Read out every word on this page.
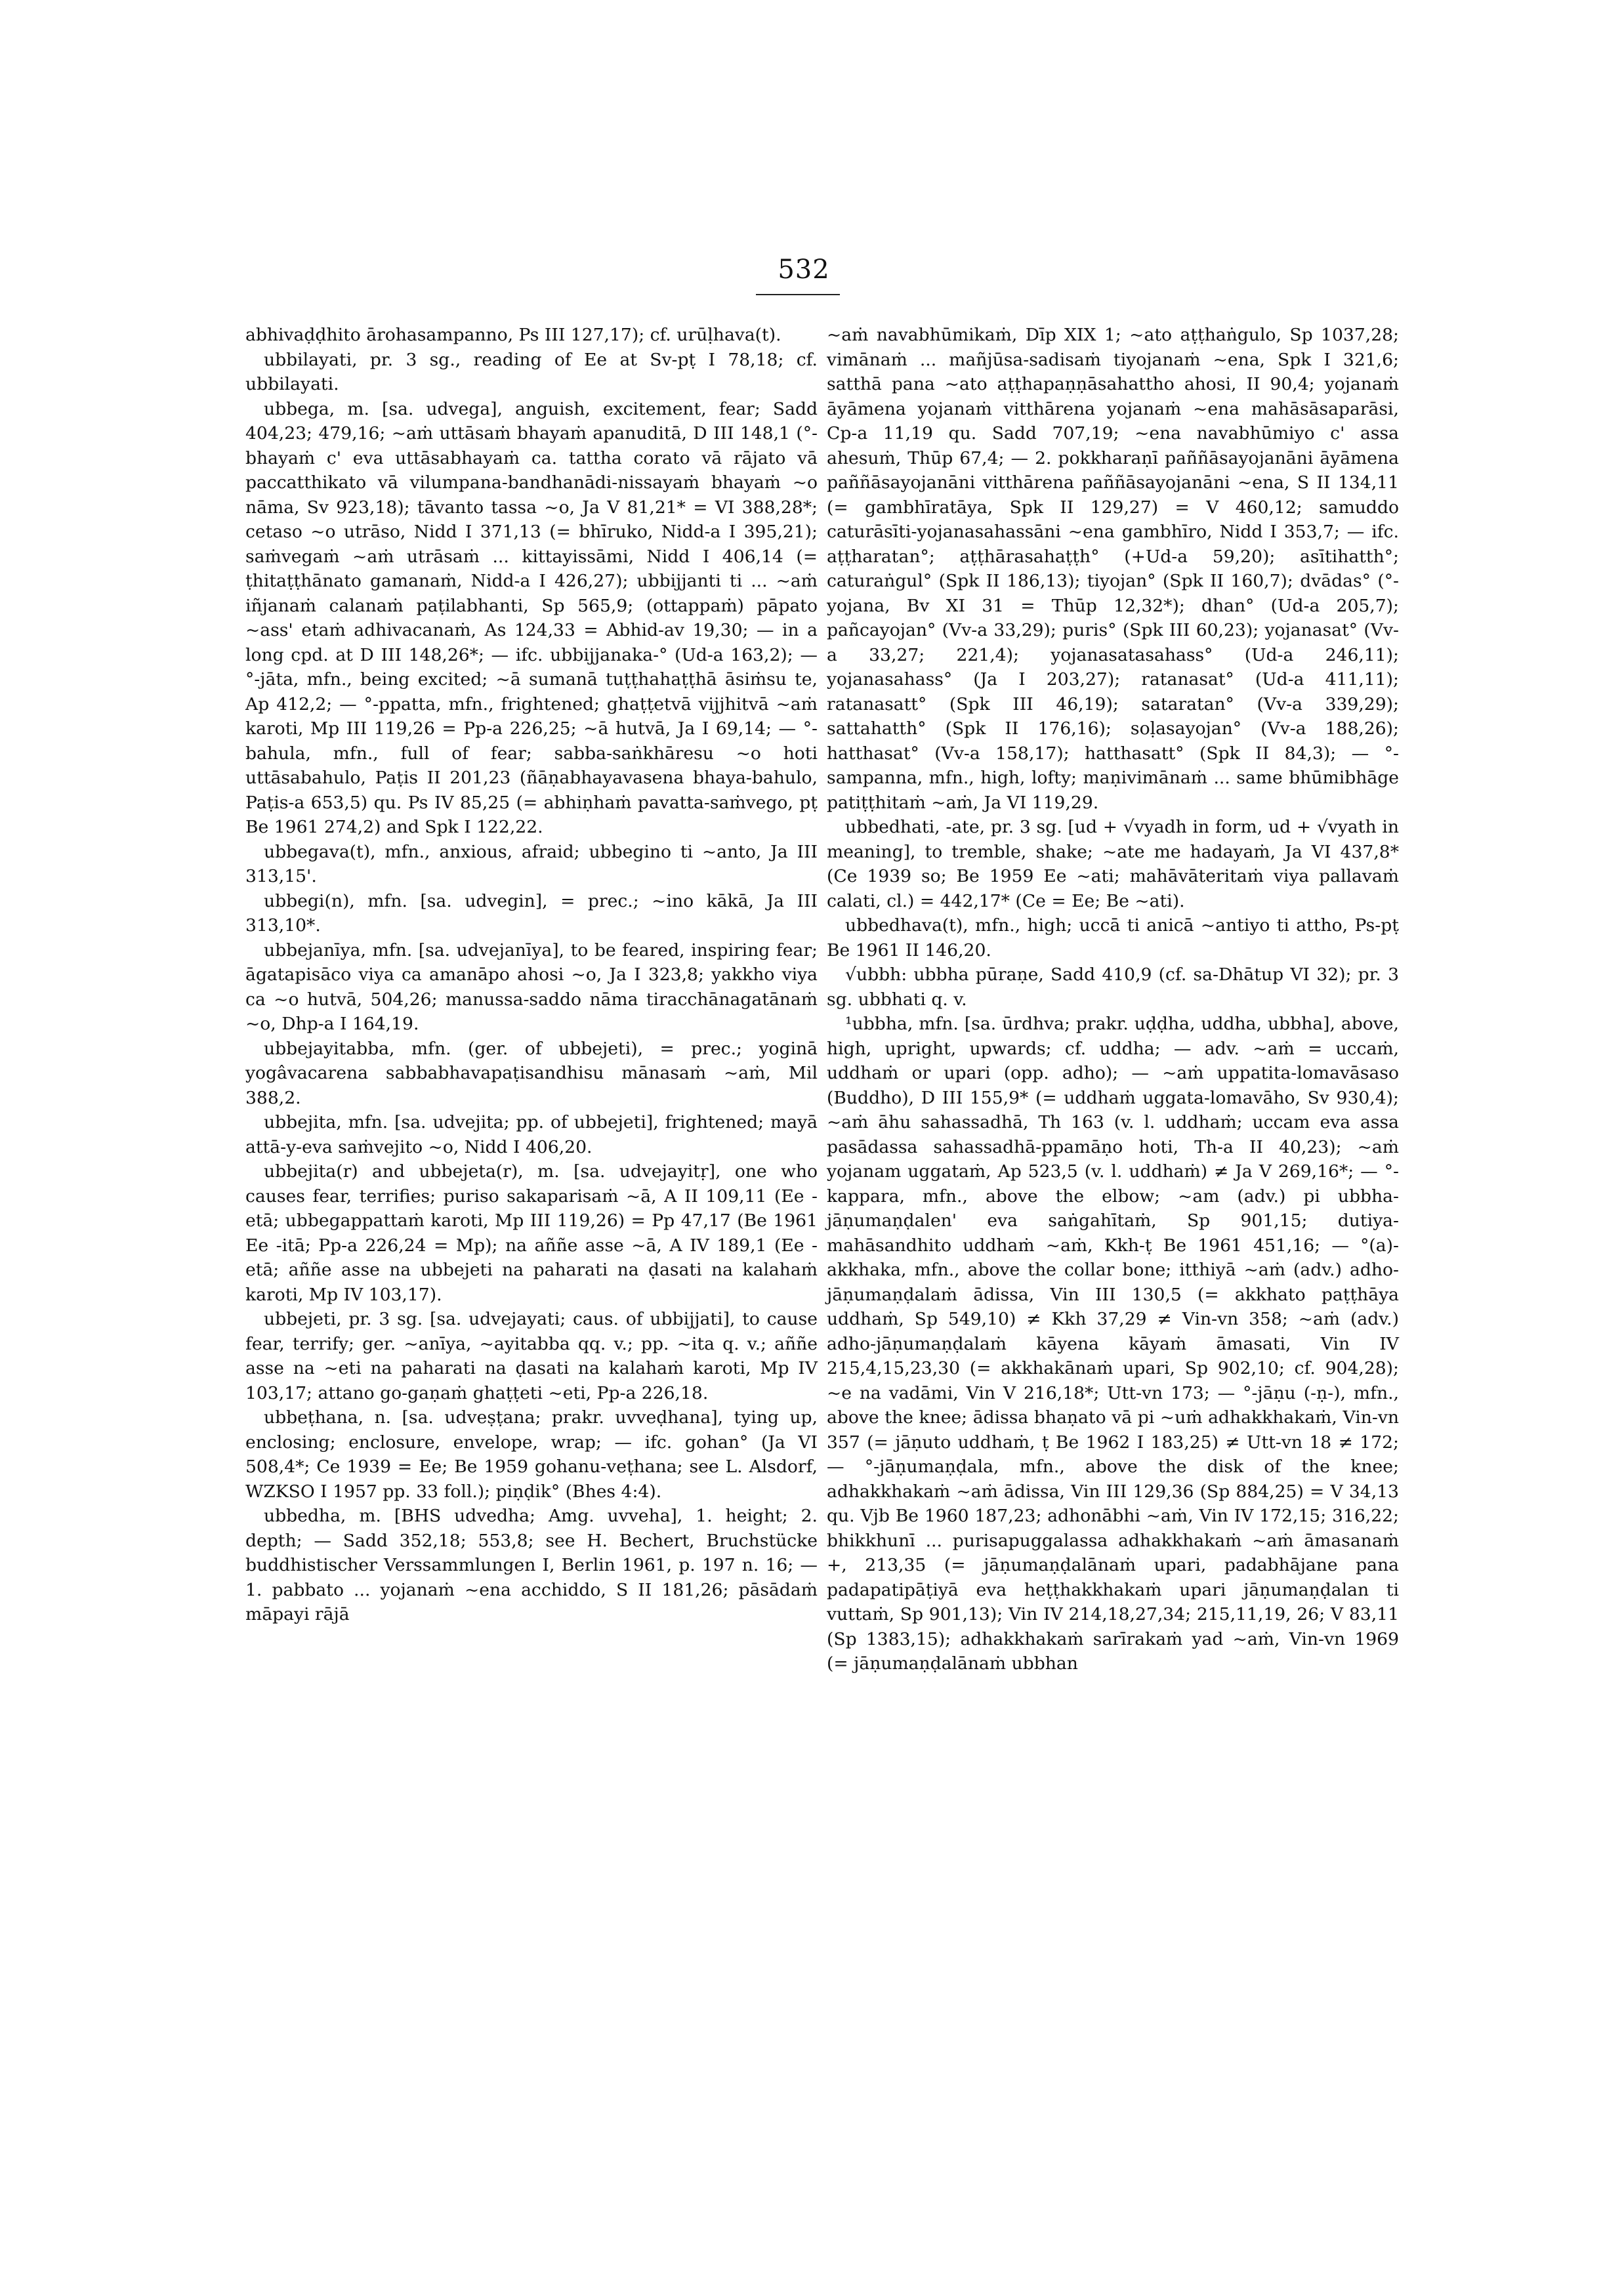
532

abhivaḍḍhito ārohasampanno, Ps III 127,17); cf. urūḷhava(t).

ubbilayati, pr. 3 sg., reading of Ee at Sv-pṭ I 78,18; cf. ubbilayati.

ubbega, m. [sa. udvega], anguish, excitement, fear; Sadd 404,23; 479,16; ~aṁ uttāsaṁ bhayaṁ apanuditā, D III 148,1 (°-bhayaṁ c' eva uttāsabhayaṁ ca. tattha corato vā rājato vā paccatthikato vā vilumpana-bandhanādi-nissayaṁ bhayaṁ ~o nāma, Sv 923,18); tāvanto tassa ~o, Ja V 81,21* = VI 388,28*; cetaso ~o utrāso, Nidd I 371,13 (= bhīruko, Nidd-a I 395,21); saṁvegaṁ ~aṁ utrāsaṁ ... kittayissāmi, Nidd I 406,14 (= ṭhitaṭṭhānato gamanaṁ, Nidd-a I 426,27); ubbijjanti ti ... ~aṁ iñjanaṁ calanaṁ paṭilabhanti, Sp 565,9; (ottappaṁ) pāpato ~ass' etaṁ adhivacanaṁ, As 124,33 = Abhid-av 19,30; — in a long cpd. at D III 148,26*; — ifc. ubbijjanaka-° (Ud-a 163,2); — °-jāta, mfn., being excited; ~ā sumanā tuṭṭhahaṭṭhā āsiṁsu te, Ap 412,2; — °-ppatta, mfn., frightened; ghaṭṭetvā vijjhitvā ~aṁ karoti, Mp III 119,26 = Pp-a 226,25; ~ā hutvā, Ja I 69,14; — °-bahula, mfn., full of fear; sabba-saṅkhāresu ~o hoti uttāsabahulo, Paṭis II 201,23 (ñāṇabhayavasena bhaya-bahulo, Paṭis-a 653,5) qu. Ps IV 85,25 (= abhiṇhaṁ pavatta-saṁvego, pṭ Be 1961 274,2) and Spk I 122,22.

ubbegava(t), mfn., anxious, afraid; ubbegino ti ~anto, Ja III 313,15'.

ubbegi(n), mfn. [sa. udvegin], = prec.; ~ino kākā, Ja III 313,10*.

ubbejanīya, mfn. [sa. udvejanīya], to be feared, inspiring fear; āgatapisāco viya ca amanāpo ahosi ~o, Ja I 323,8; yakkho viya ca ~o hutvā, 504,26; manussa-saddo nāma tiracchānagatānaṁ ~o, Dhp-a I 164,19.

ubbejayitabba, mfn. (ger. of ubbejeti), = prec.; yoginā yogâvacarena sabbabhavapaṭisandhisu mānasaṁ ~aṁ, Mil 388,2.

ubbejita, mfn. [sa. udvejita; pp. of ubbejeti], frightened; mayā attā-y-eva saṁvejito ~o, Nidd I 406,20.

ubbejita(r) and ubbejeta(r), m. [sa. udvejayitṛ], one who causes fear, terrifies; puriso sakaparisaṁ ~ā, A II 109,11 (Ee -etā; ubbegappattaṁ karoti, Mp III 119,26) = Pp 47,17 (Be 1961 Ee -itā; Pp-a 226,24 = Mp); na aññe asse ~ā, A IV 189,1 (Ee -etā; aññe asse na ubbejeti na paharati na ḍasati na kalahaṁ karoti, Mp IV 103,17).

ubbejeti, pr. 3 sg. [sa. udvejayati; caus. of ubbijjati], to cause fear, terrify; ger. ~anīya, ~ayitabba qq. v.; pp. ~ita q. v.; aññe asse na ~eti na paharati na ḍasati na kalahaṁ karoti, Mp IV 103,17; attano go-gaṇaṁ ghaṭṭeti ~eti, Pp-a 226,18.

ubbeṭhana, n. [sa. udveṣṭana; prakr. uvveḍhana], tying up, enclosing; enclosure, envelope, wrap; — ifc. gohan° (Ja VI 508,4*; Ce 1939 = Ee; Be 1959 gohanu-veṭhana; see L. Alsdorf, WZKSO I 1957 pp. 33 foll.); piṇḍik° (Bhes 4:4).

ubbedha, m. [BHS udvedha; Amg. uvveha], 1. height; 2. depth; — Sadd 352,18; 553,8; see H. Bechert, Bruchstücke buddhistischer Verssammlungen I, Berlin 1961, p. 197 n. 16; — 1. pabbato ... yojanaṁ ~ena acchiddo, S II 181,26; pāsādaṁ māpayi rājā

~aṁ navabhūmikaṁ, Dīp XIX 1; ~ato aṭṭhaṅgulo, Sp 1037,28; vimānaṁ ... mañjūsa-sadisaṁ tiyojanaṁ ~ena, Spk I 321,6; satthā pana ~ato aṭṭhapaṇṇāsahattho ahosi, II 90,4; yojanaṁ āyāmena yojanaṁ vitthārena yojanaṁ ~ena mahāsāsaparāsi, Cp-a 11,19 qu. Sadd 707,19; ~ena navabhūmiyo c' assa ahesuṁ, Thūp 67,4; — 2. pokkharaṇī paññāsayojanāni āyāmena paññāsayojanāni vitthārena paññāsayojanāni ~ena, S II 134,11 (= gambhīratāya, Spk II 129,27) = V 460,12; samuddo caturāsīti-yojanasahassāni ~ena gambhīro, Nidd I 353,7; — ifc. aṭṭharatan°; aṭṭhārasahaṭṭh° (+Ud-a 59,20); asītihatth°; caturaṅgul° (Spk II 186,13); tiyojan° (Spk II 160,7); dvādas° (°-yojana, Bv XI 31 = Thūp 12,32*); dhan° (Ud-a 205,7); pañcayojan° (Vv-a 33,29); puris° (Spk III 60,23); yojanasat° (Vv-a 33,27; 221,4); yojanasatasahass° (Ud-a 246,11); yojanasahass° (Ja I 203,27); ratanasat° (Ud-a 411,11); ratanasatt° (Spk III 46,19); sataratan° (Vv-a 339,29); sattahatth° (Spk II 176,16); soḷasayojan° (Vv-a 188,26); hatthasat° (Vv-a 158,17); hatthasatt° (Spk II 84,3); — °-sampanna, mfn., high, lofty; maṇivimānaṁ ... same bhūmibhāge patiṭṭhitaṁ ~aṁ, Ja VI 119,29.

ubbedhati, -ate, pr. 3 sg. [ud + √vyadh in form, ud + √vyath in meaning], to tremble, shake; ~ate me hadayaṁ, Ja VI 437,8* (Ce 1939 so; Be 1959 Ee ~ati; mahāvāteritaṁ viya pallavaṁ calati, cl.) = 442,17* (Ce = Ee; Be ~ati).

ubbedhava(t), mfn., high; uccā ti anicā ~antiyo ti attho, Ps-pṭ Be 1961 II 146,20.

√ubbh: ubbha pūraṇe, Sadd 410,9 (cf. sa-Dhātup VI 32); pr. 3 sg. ubbhati q. v.

¹ubbha, mfn. [sa. ūrdhva; prakr. uḍḍha, uddha, ubbha], above, high, upright, upwards; cf. uddha; — adv. ~aṁ = uccaṁ, uddhaṁ or upari (opp. adho); — ~aṁ uppatita-lomavāsaso (Buddho), D III 155,9* (= uddhaṁ uggata-lomavāho, Sv 930,4); ~aṁ āhu sahassadhā, Th 163 (v. l. uddhaṁ; uccam eva assa pasādassa sahassadhā-ppamāṇo hoti, Th-a II 40,23); ~aṁ yojanam uggataṁ, Ap 523,5 (v. l. uddhaṁ) ≠ Ja V 269,16*; — °-kappara, mfn., above the elbow; ~am (adv.) pi ubbha-jāṇumaṇḍalen' eva saṅgahītaṁ, Sp 901,15; dutiya-mahāsandhito uddhaṁ ~aṁ, Kkh-ṭ Be 1961 451,16; — °(a)-akkhaka, mfn., above the collar bone; itthiyā ~aṁ (adv.) adho-jāṇumaṇḍalaṁ ādissa, Vin III 130,5 (= akkhato paṭṭhāya uddhaṁ, Sp 549,10) ≠ Kkh 37,29 ≠ Vin-vn 358; ~aṁ (adv.) adho-jāṇumaṇḍalaṁ kāyena kāyaṁ āmasati, Vin IV 215,4,15,23,30 (= akkhakānaṁ upari, Sp 902,10; cf. 904,28); ~e na vadāmi, Vin V 216,18*; Utt-vn 173; — °-jāṇu (-ṇ-), mfn., above the knee; ādissa bhaṇato vā pi ~uṁ adhakkhakaṁ, Vin-vn 357 (= jāṇuto uddhaṁ, ṭ Be 1962 I 183,25) ≠ Utt-vn 18 ≠ 172; — °-jāṇumaṇḍala, mfn., above the disk of the knee; adhakkhakaṁ ~aṁ ādissa, Vin III 129,36 (Sp 884,25) = V 34,13 qu. Vjb Be 1960 187,23; adhonābhi ~aṁ, Vin IV 172,15; 316,22; bhikkhunī ... purisapuggalassa adhakkhakaṁ ~aṁ āmasanaṁ +, 213,35 (= jāṇumaṇḍalānaṁ upari, padabhājane pana padapatipāṭiyā eva heṭṭhakkhakaṁ upari jāṇumaṇḍalan ti vuttaṁ, Sp 901,13); Vin IV 214,18,27,34; 215,11,19, 26; V 83,11 (Sp 1383,15); adhakkhakaṁ sarīrakaṁ yad ~aṁ, Vin-vn 1969 (= jāṇumaṇḍalānaṁ ubbhan
